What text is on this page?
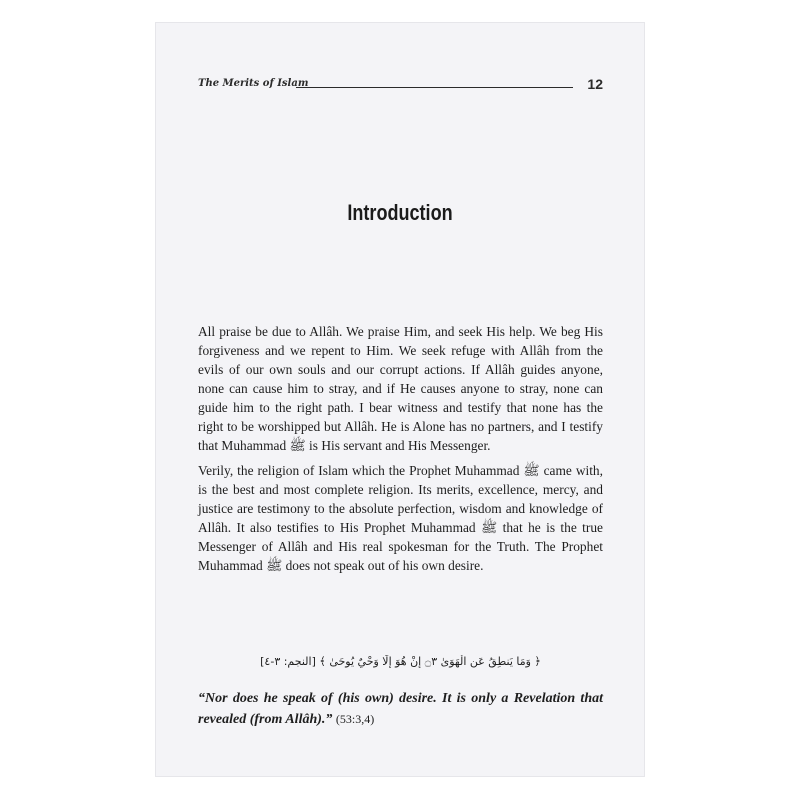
The Merits of Islam	12
Introduction

All praise be due to Allâh. We praise Him, and seek His help. We beg His forgiveness and we repent to Him. We seek refuge with Allâh from the evils of our own souls and our corrupt actions. If Allâh guides anyone, none can cause him to stray, and if He causes anyone to stray, none can guide him to the right path. I bear witness and testify that none has the right to be worshipped but Allâh. He is Alone has no partners, and I testify that Muhammad ﷺ is His servant and His Messenger.

Verily, the religion of Islam which the Prophet Muhammad ﷺ came with, is the best and most complete religion. Its merits, excellence, mercy, and justice are testimony to the absolute perfection, wisdom and knowledge of Allâh. It also testifies to His Prophet Muhammad ﷺ that he is the true Messenger of Allâh and His real spokesman for the Truth. The Prophet Muhammad ﷺ does not speak out of his own desire.

﴿ وَمَا يَنطِقُ عَنِ الْهَوَىٰ ۝٣ إِنْ هُوَ إِلَّا وَحْيٌ يُوحَىٰ ﴾ [النجم: ٣-٤]
“Nor does he speak of (his own) desire. It is only a Revelation that revealed (from Allâh).” (53:3,4)
